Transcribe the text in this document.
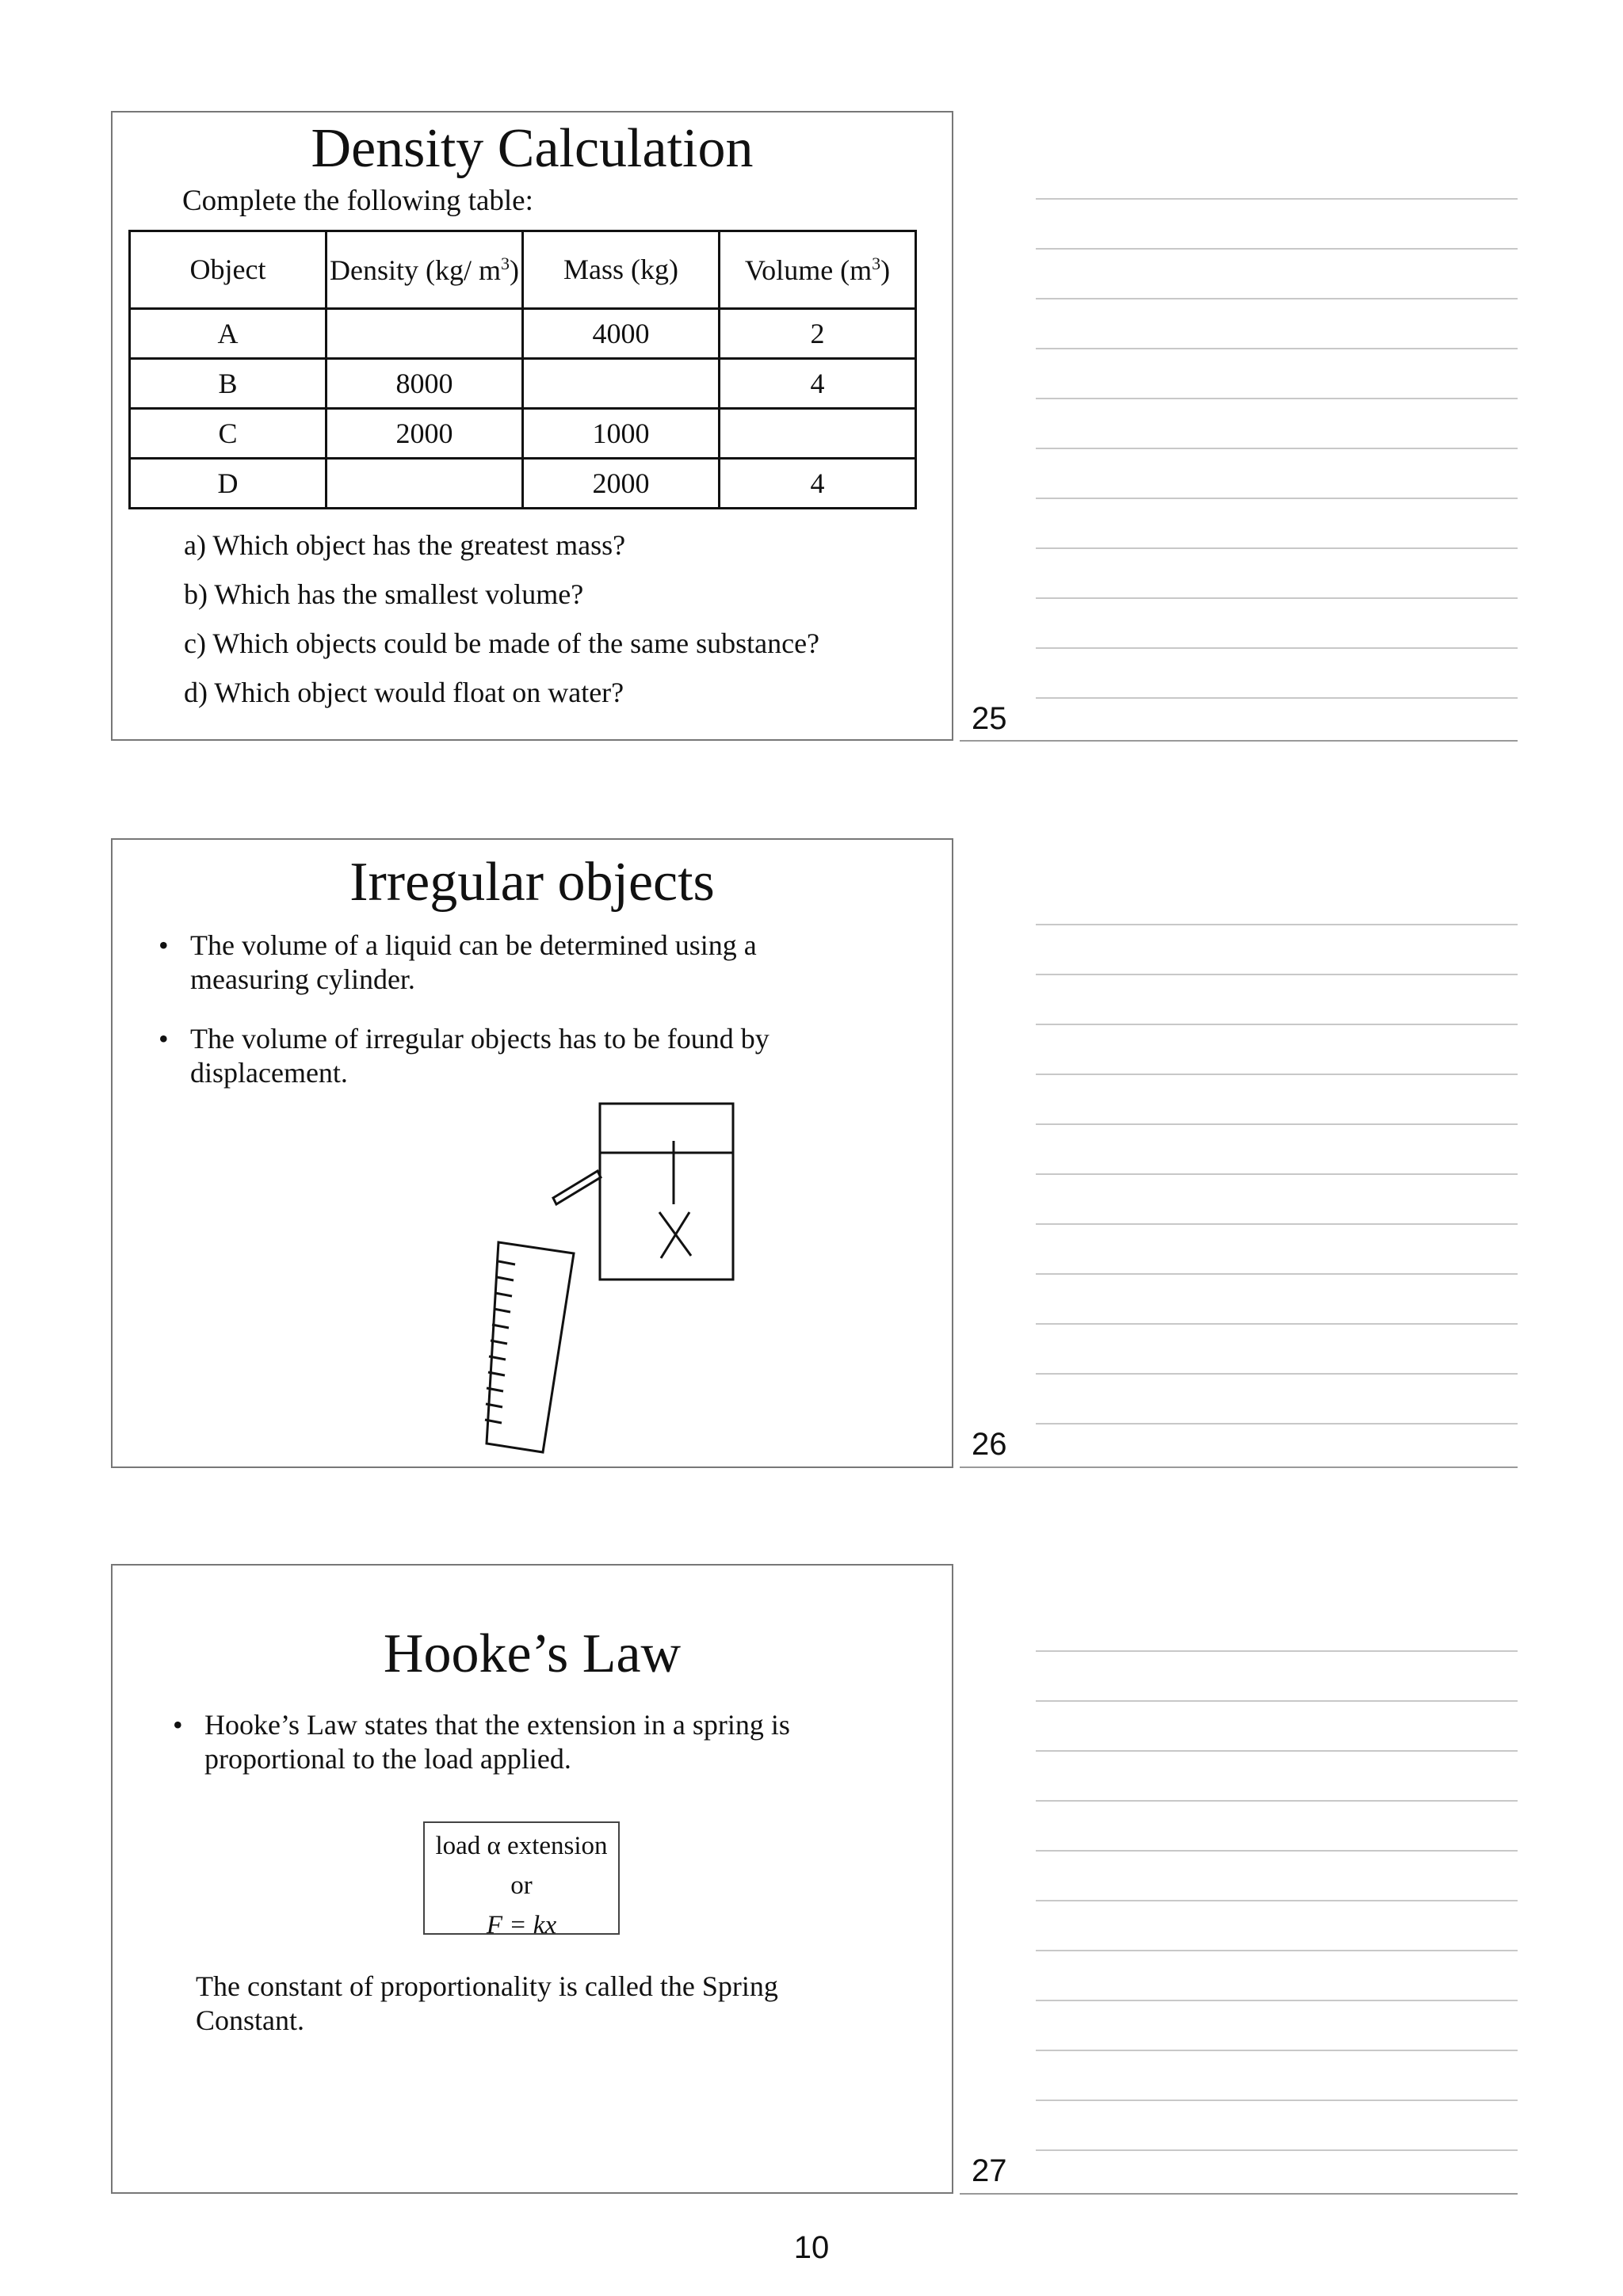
Density Calculation
Complete the following table:
Object	Density (kg/ $m^3$)	Mass (kg)	Volume $(m^3)$
A		4000	2
B	8000		4
C	2000	1000	
D		2000	4
a) Which object has the greatest mass?
b) Which has the smallest volume?
c) Which objects could be made of the same substance?
d) Which object would float on water?
25
Irregular objects
• The volume of a liquid can be determined using a measuring cylinder.
• The volume of irregular objects has to be found by displacement.
26
Hooke’s Law
• Hooke’s Law states that the extension in a spring is proportional to the load applied.
load α extension
or
F = kx
The constant of proportionality is called the Spring Constant.
27
10
